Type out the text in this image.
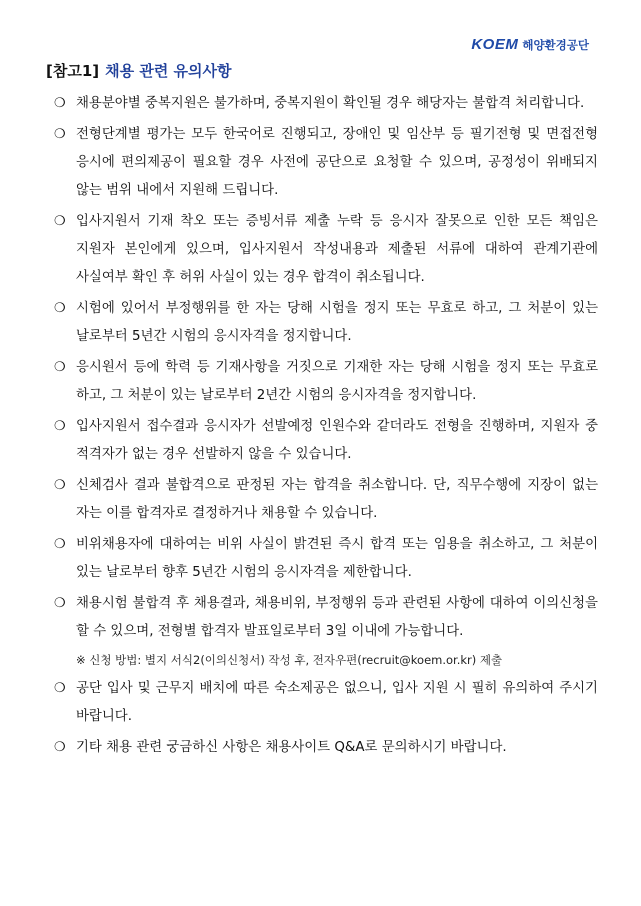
KOEM 해양환경공단
[참고1] 채용 관련 유의사항
❍ 채용분야별 중복지원은 불가하며, 중복지원이 확인될 경우 해당자는 불합격 처리합니다.
❍ 전형단계별 평가는 모두 한국어로 진행되고, 장애인 및 임산부 등 필기전형 및 면접전형 응시에 편의제공이 필요할 경우 사전에 공단으로 요청할 수 있으며, 공정성이 위배되지 않는 범위 내에서 지원해 드립니다.
❍ 입사지원서 기재 착오 또는 증빙서류 제출 누락 등 응시자 잘못으로 인한 모든 책임은 지원자 본인에게 있으며, 입사지원서 작성내용과 제출된 서류에 대하여 관계기관에 사실여부 확인 후 허위 사실이 있는 경우 합격이 취소됩니다.
❍ 시험에 있어서 부정행위를 한 자는 당해 시험을 정지 또는 무효로 하고, 그 처분이 있는 날로부터 5년간 시험의 응시자격을 정지합니다.
❍ 응시원서 등에 학력 등 기재사항을 거짓으로 기재한 자는 당해 시험을 정지 또는 무효로 하고, 그 처분이 있는 날로부터 2년간 시험의 응시자격을 정지합니다.
❍ 입사지원서 접수결과 응시자가 선발예정 인원수와 같더라도 전형을 진행하며, 지원자 중 적격자가 없는 경우 선발하지 않을 수 있습니다.
❍ 신체검사 결과 불합격으로 판정된 자는 합격을 취소합니다. 단, 직무수행에 지장이 없는 자는 이를 합격자로 결정하거나 채용할 수 있습니다.
❍ 비위채용자에 대하여는 비위 사실이 밝견된 즉시 합격 또는 임용을 취소하고, 그 처분이 있는 날로부터 향후 5년간 시험의 응시자격을 제한합니다.
❍ 채용시험 불합격 후 채용결과, 채용비위, 부정행위 등과 관련된 사항에 대하여 이의신청을 할 수 있으며, 전형별 합격자 발표일로부터 3일 이내에 가능합니다.
※ 신청 방법: 별지 서식2(이의신청서) 작성 후, 전자우편(recruit@koem.or.kr) 제출
❍ 공단 입사 및 근무지 배치에 따른 숙소제공은 없으니, 입사 지원 시 필히 유의하여 주시기 바랍니다.
❍ 기타 채용 관련 궁금하신 사항은 채용사이트 Q&A로 문의하시기 바랍니다.
